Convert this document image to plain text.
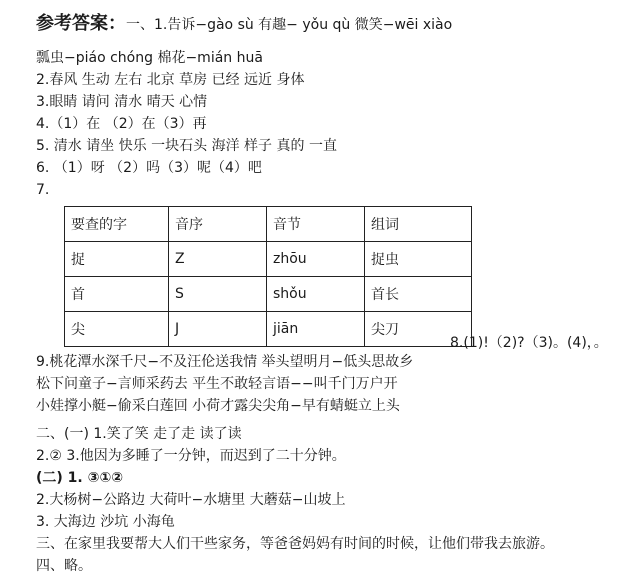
参考答案：一、1.告诉−gào sù 有趣− yǒu qù 微笑−wēi xiào
瓢虫−piáo chóng 棉花−mián huā
2.春风 生动 左右 北京 草房 已经 远近 身体
3.眼睛 请问 清水 晴天 心情
4.（1）在 （2）在（3）再
5. 清水 请坐 快乐 一块石头 海洋 样子 真的 一直
6. （1）呀 （2）吗（3）呢（4）吧
7.
要查的字	音序	音节	组词
捉	Z	zhōu	捉虫
首	S	shǒu	首长
尖	J	jiān	尖刀
8.(1)!（2)?（3)。(4)，。
9.桃花潭水深千尺−不及汪伦送我情 举头望明月−低头思故乡
松下问童子−言师采药去 平生不敢轻言语−−叫千门万户开
小娃撑小艇−偷采白莲回 小荷才露尖尖角−早有蜻蜓立上头
二、(一) 1.笑了笑 走了走 读了读
2.② 3.他因为多睡了一分钟，而迟到了二十分钟。
(二) 1. ③①②
2.大杨树−公路边 大荷叶−水塘里 大蘑菇−山坡上
3. 大海边 沙坑 小海龟
三、在家里我要帮大人们干些家务，等爸爸妈妈有时间的时候，让他们带我去旅游。
四、略。
